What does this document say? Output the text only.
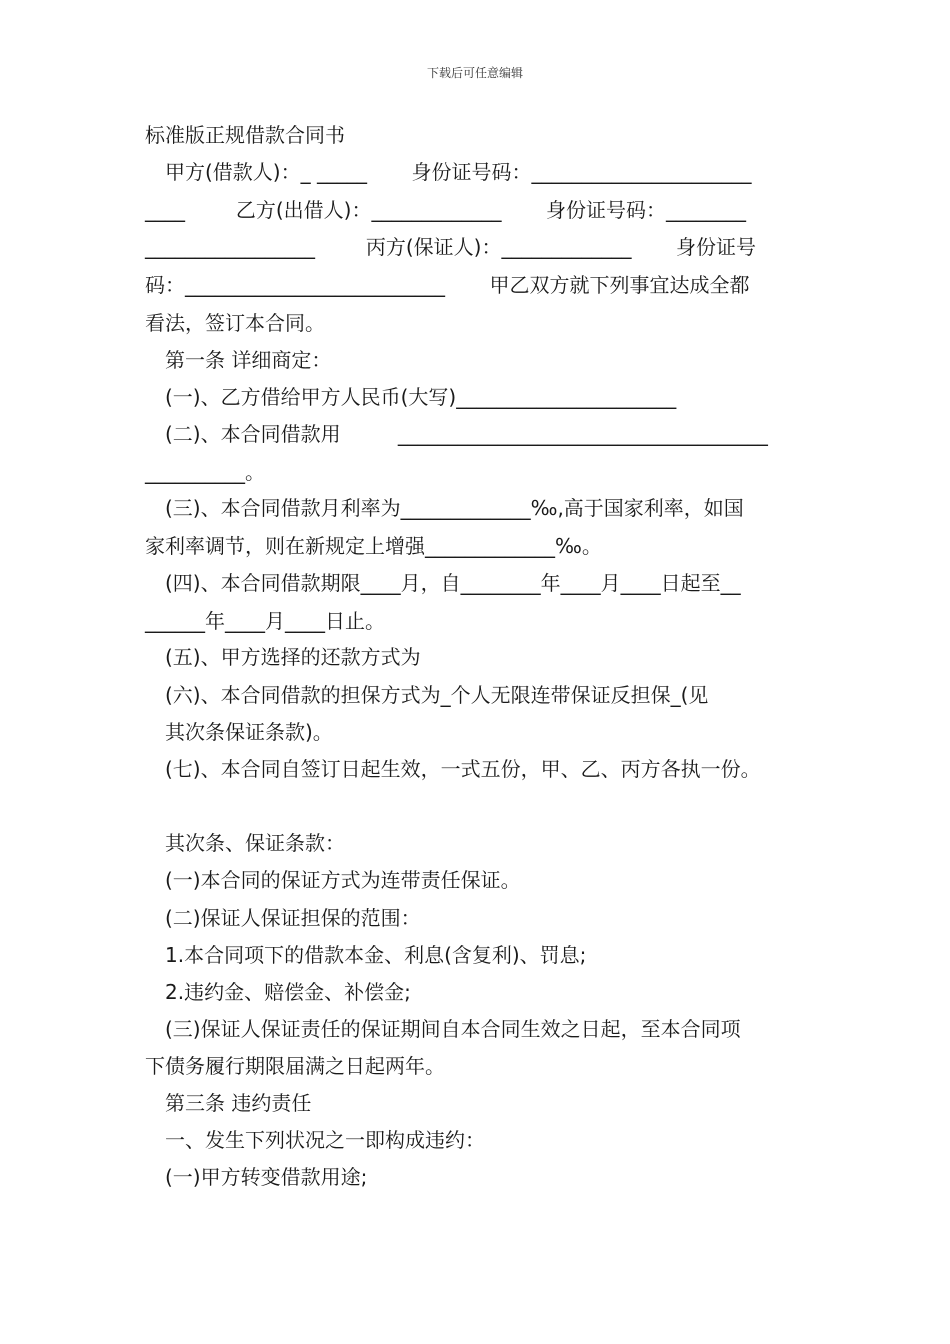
下载后可任意编辑
标准版正规借款合同书
甲方(借款人)：_ _____       身份证号码：______________________
____        乙方(出借人)：_____________       身份证号码：________
_________________        丙方(保证人)：_____________       身份证号
码：__________________________       甲乙双方就下列事宜达成全都
看法，签订本合同。
第一条 详细商定：
(一)、乙方借给甲方人民币(大写)______________________
(二)、本合同借款用         _____________________________________
__________。
(三)、本合同借款月利率为_____________‰,高于国家利率，如国
家利率调节，则在新规定上增强_____________‰。
(四)、本合同借款期限____月，自________年____月____日起至__
______年____月____日止。
(五)、甲方选择的还款方式为
(六)、本合同借款的担保方式为_个人无限连带保证反担保_(见
其次条保证条款)。
(七)、本合同自签订日起生效，一式五份，甲、乙、丙方各执一份。
其次条、保证条款：
(一)本合同的保证方式为连带责任保证。
(二)保证人保证担保的范围：
1.本合同项下的借款本金、利息(含复利)、罚息;
2.违约金、赔偿金、补偿金;
(三)保证人保证责任的保证期间自本合同生效之日起，至本合同项
下债务履行期限届满之日起两年。
第三条 违约责任
一、发生下列状况之一即构成违约：
(一)甲方转变借款用途;
